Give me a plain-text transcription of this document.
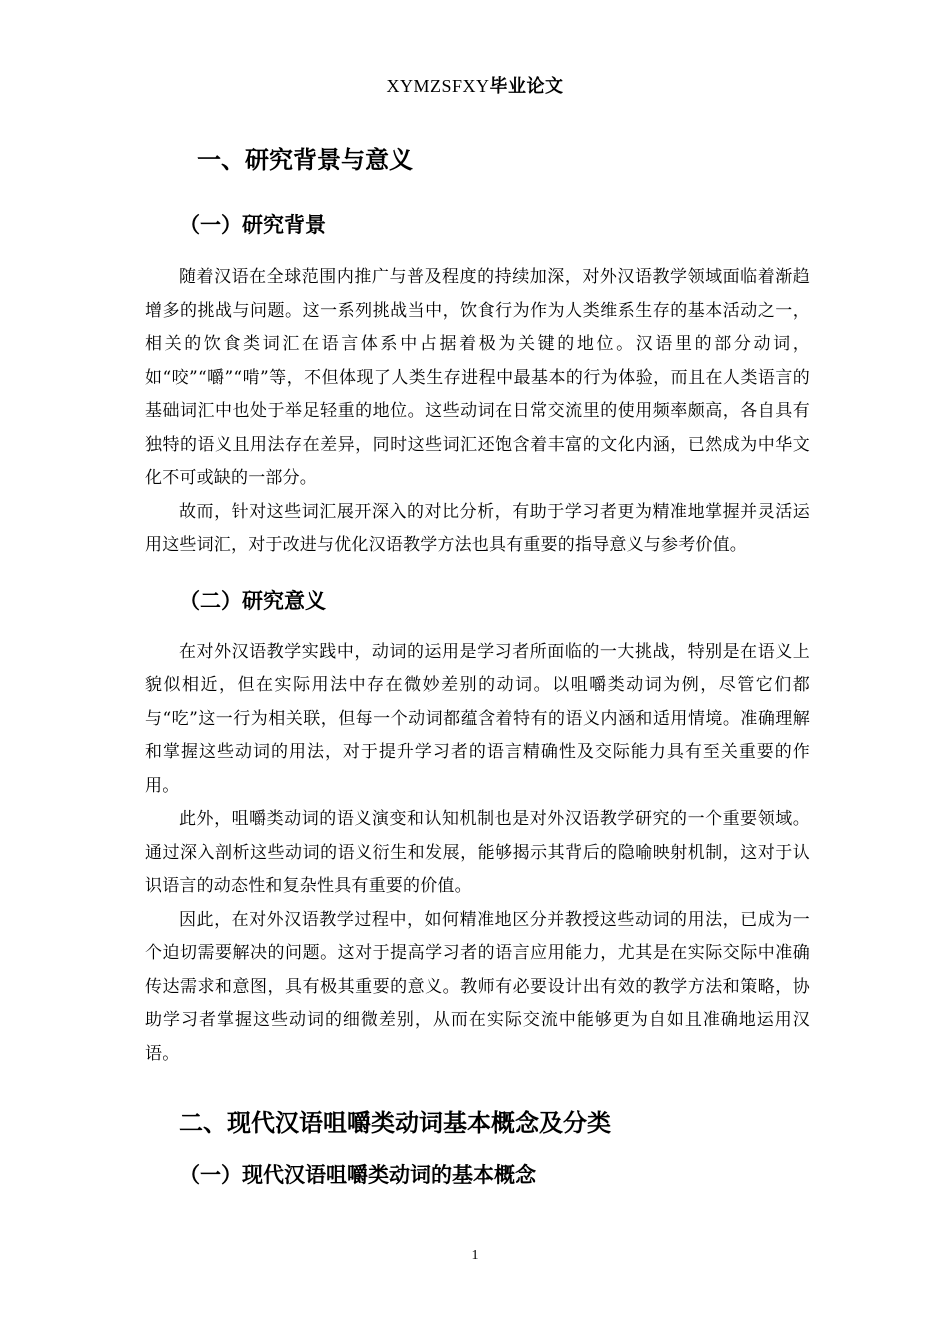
XYMZSFXY毕业论文
一、研究背景与意义
（一）研究背景

随着汉语在全球范围内推广与普及程度的持续加深，对外汉语教学领域面临着渐趋增多的挑战与问题。这一系列挑战当中，饮食行为作为人类维系生存的基本活动之一，相关的饮食类词汇在语言体系中占据着极为关键的地位。汉语里的部分动词，如“咬”“嚼”“啃”等，不但体现了人类生存进程中最基本的行为体验，而且在人类语言的基础词汇中也处于举足轻重的地位。这些动词在日常交流里的使用频率颇高，各自具有独特的语义且用法存在差异，同时这些词汇还饱含着丰富的文化内涵，已然成为中华文化不可或缺的一部分。

故而，针对这些词汇展开深入的对比分析，有助于学习者更为精准地掌握并灵活运用这些词汇，对于改进与优化汉语教学方法也具有重要的指导意义与参考价值。

（二）研究意义

在对外汉语教学实践中，动词的运用是学习者所面临的一大挑战，特别是在语义上貌似相近，但在实际用法中存在微妙差别的动词。以咀嚼类动词为例，尽管它们都与“吃”这一行为相关联，但每一个动词都蕴含着特有的语义内涵和适用情境。准确理解和掌握这些动词的用法，对于提升学习者的语言精确性及交际能力具有至关重要的作用。

此外，咀嚼类动词的语义演变和认知机制也是对外汉语教学研究的一个重要领域。通过深入剖析这些动词的语义衍生和发展，能够揭示其背后的隐喻映射机制，这对于认识语言的动态性和复杂性具有重要的价值。

因此，在对外汉语教学过程中，如何精准地区分并教授这些动词的用法，已成为一个迫切需要解决的问题。这对于提高学习者的语言应用能力，尤其是在实际交际中准确传达需求和意图，具有极其重要的意义。教师有必要设计出有效的教学方法和策略，协助学习者掌握这些动词的细微差别，从而在实际交流中能够更为自如且准确地运用汉语。

二、现代汉语咀嚼类动词基本概念及分类
（一）现代汉语咀嚼类动词的基本概念
1
